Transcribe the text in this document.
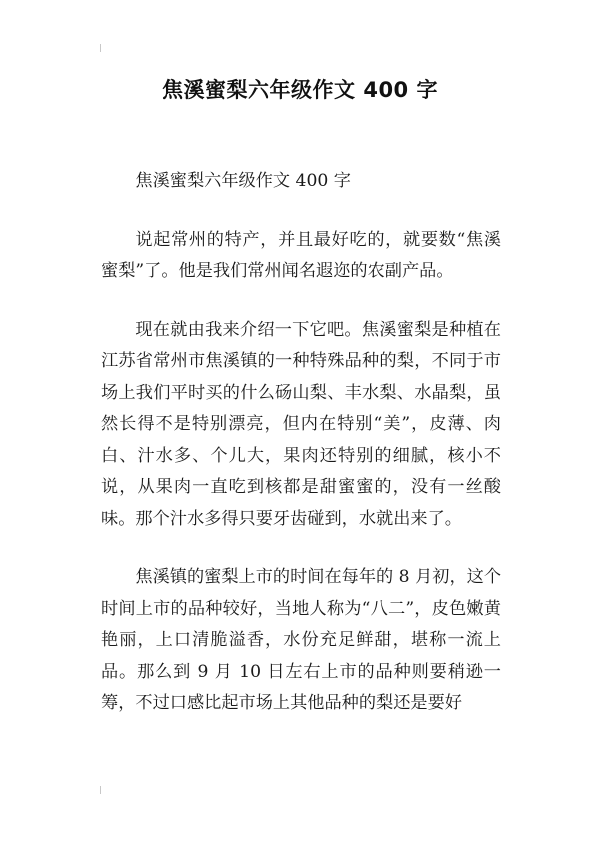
焦溪蜜梨六年级作文 400 字

焦溪蜜梨六年级作文 400 字

说起常州的特产，并且最好吃的，就要数“焦溪蜜梨”了。他是我们常州闻名遐迩的农副产品。

现在就由我来介绍一下它吧。焦溪蜜梨是种植在江苏省常州市焦溪镇的一种特殊品种的梨，不同于市场上我们平时买的什么砀山梨、丰水梨、水晶梨，虽然长得不是特别漂亮，但内在特别“美”，皮薄、肉白、汁水多、个儿大，果肉还特别的细腻，核小不说，从果肉一直吃到核都是甜蜜蜜的，没有一丝酸味。那个汁水多得只要牙齿碰到，水就出来了。

焦溪镇的蜜梨上市的时间在每年的 8 月初，这个时间上市的品种较好，当地人称为“八二”，皮色嫩黄艳丽，上口清脆溢香，水份充足鲜甜，堪称一流上品。那么到 9 月 10 日左右上市的品种则要稍逊一筹，不过口感比起市场上其他品种的梨还是要好
